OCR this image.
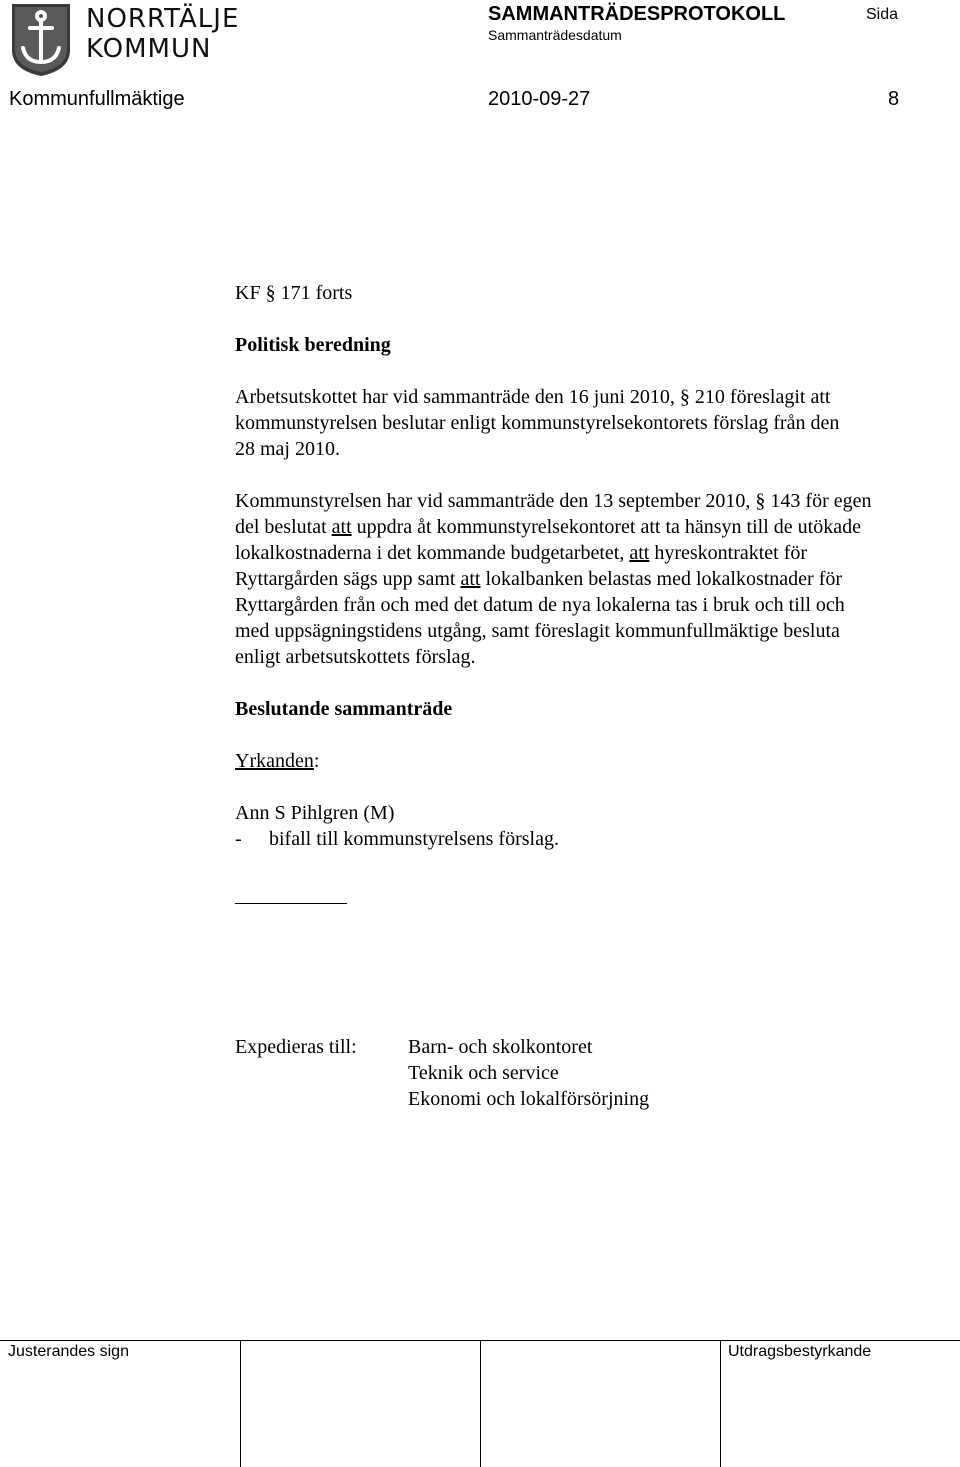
NORRTÄLJE
KOMMUN
SAMMANTRÄDESPROTOKOLL
Sammanträdesdatum
Sida
Kommunfullmäktige	2010-09-27	8
KF § 171 forts
Politisk beredning
Arbetsutskottet har vid sammanträde den 16 juni 2010, § 210 föreslagit att
kommunstyrelsen beslutar enligt kommunstyrelsekontorets förslag från den
28 maj 2010.
Kommunstyrelsen har vid sammanträde den 13 september 2010, § 143 för egen
del beslutat att uppdra åt kommunstyrelsekontoret att ta hänsyn till de utökade
lokalkostnaderna i det kommande budgetarbetet, att hyreskontraktet för
Ryttargården sägs upp samt att lokalbanken belastas med lokalkostnader för
Ryttargården från och med det datum de nya lokalerna tas i bruk och till och
med uppsägningstidens utgång, samt föreslagit kommunfullmäktige besluta
enligt arbetsutskottets förslag.
Beslutande sammanträde
Yrkanden:
Ann S Pihlgren (M)
- bifall till kommunstyrelsens förslag.
Expedieras till:	Barn- och skolkontoret
Teknik och service
Ekonomi och lokalförsörjning
Justerandes sign	Utdragsbestyrkande
